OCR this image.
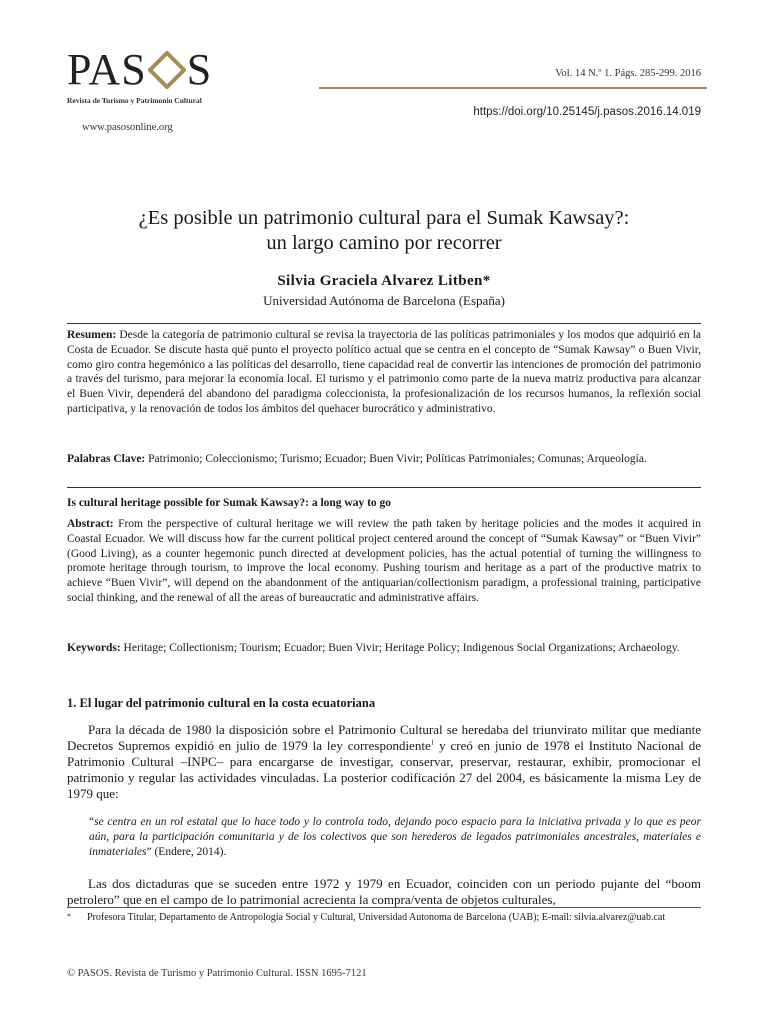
PAS S
Revista de Turismo y Patrimonio Cultural
www.pasosonline.org
Vol. 14 N.º 1. Págs. 285-299. 2016
https://doi.org/10.25145/j.pasos.2016.14.019
¿Es posible un patrimonio cultural para el Sumak Kawsay?:
un largo camino por recorrer
Silvia Graciela Alvarez Litben*
Universidad Autónoma de Barcelona (España)

Resumen: Desde la categoría de patrimonio cultural se revisa la trayectoria de las políticas patrimoniales y los modos que adquirió en la Costa de Ecuador. Se discute hasta qué punto el proyecto político actual que se centra en el concepto de “Sumak Kawsay” o Buen Vivir, como giro contra hegemónico a las políticas del desarrollo, tiene capacidad real de convertir las intenciones de promoción del patrimonio a través del turismo, para mejorar la economía local. El turismo y el patrimonio como parte de la nueva matriz productiva para alcanzar el Buen Vivir, dependerá del abandono del paradigma coleccionista, la profesionalización de los recursos humanos, la reflexión social participativa, y la renovación de todos los ámbitos del quehacer burocrático y administrativo.

Palabras Clave: Patrimonio; Coleccionismo; Turismo; Ecuador; Buen Vivir; Políticas Patrimoniales; Comunas; Arqueología.

Is cultural heritage possible for Sumak Kawsay?: a long way to go

Abstract: From the perspective of cultural heritage we will review the path taken by heritage policies and the modes it acquired in Coastal Ecuador. We will discuss how far the current political project centered around the concept of “Sumak Kawsay” or “Buen Vivir” (Good Living), as a counter hegemonic punch directed at development policies, has the actual potential of turning the willingness to promote heritage through tourism, to improve the local economy. Pushing tourism and heritage as a part of the productive matrix to achieve “Buen Vivir”, will depend on the abandonment of the antiquarian/collectionism paradigm, a professional training, participative social thinking, and the renewal of all the areas of bureaucratic and administrative affairs.

Keywords: Heritage; Collectionism; Tourism; Ecuador; Buen Vivir; Heritage Policy; Indigenous Social Organizations; Archaeology.

1. El lugar del patrimonio cultural en la costa ecuatoriana

Para la década de 1980 la disposición sobre el Patrimonio Cultural se heredaba del triunvirato militar que mediante Decretos Supremos expidió en julio de 1979 la ley correspondiente$^1$ y creó en junio de 1978 el Instituto Nacional de Patrimonio Cultural –INPC– para encargarse de investigar, conservar, preservar, restaurar, exhibir, promocionar el patrimonio y regular las actividades vinculadas. La posterior codificación 27 del 2004, es básicamente la misma Ley de 1979 que:

“se centra en un rol estatal que lo hace todo y lo controla todo, dejando poco espacio para la iniciativa privada y lo que es peor aún, para la participación comunitaria y de los colectivos que son herederos de legados patrimoniales ancestrales, materiales e inmateriales” (Endere, 2014).

Las dos dictaduras que se suceden entre 1972 y 1979 en Ecuador, coinciden con un periodo pujante del “boom petrolero” que en el campo de lo patrimonial acrecienta la compra/venta de objetos culturales,

* Profesora Titular, Departamento de Antropologia Social y Cultural, Universidad Autonoma de Barcelona (UAB); E-mail: silvia.alvarez@uab.cat
© PASOS. Revista de Turismo y Patrimonio Cultural. ISSN 1695-7121
